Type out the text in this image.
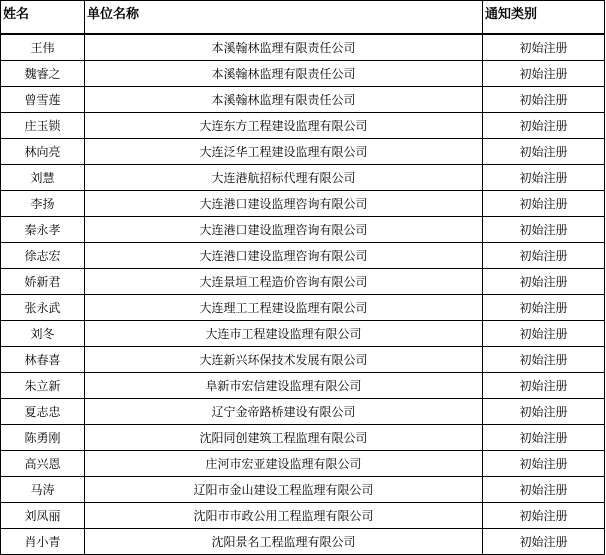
姓名	单位名称	通知类别
王伟	本溪翰林监理有限责任公司	初始注册
魏睿之	本溪翰林监理有限责任公司	初始注册
曾雪莲	本溪翰林监理有限责任公司	初始注册
庄玉锁	大连东方工程建设监理有限公司	初始注册
林向亮	大连泛华工程建设监理有限公司	初始注册
刘慧	大连港航招标代理有限公司	初始注册
李扬	大连港口建设监理咨询有限公司	初始注册
秦永孝	大连港口建设监理咨询有限公司	初始注册
徐志宏	大连港口建设监理咨询有限公司	初始注册
娇新君	大连景垣工程造价咨询有限公司	初始注册
张永武	大连理工工程建设监理有限公司	初始注册
刘冬	大连市工程建设监理有限公司	初始注册
林春喜	大连新兴环保技术发展有限公司	初始注册
朱立新	阜新市宏信建设监理有限公司	初始注册
夏志忠	辽宁金帝路桥建设有限公司	初始注册
陈勇刚	沈阳同创建筑工程监理有限公司	初始注册
高兴恩	庄河市宏亚建设监理有限公司	初始注册
马涛	辽阳市金山建设工程监理有限公司	初始注册
刘凤丽	沈阳市市政公用工程监理有限公司	初始注册
肖小青	沈阳景名工程监理有限公司	初始注册
